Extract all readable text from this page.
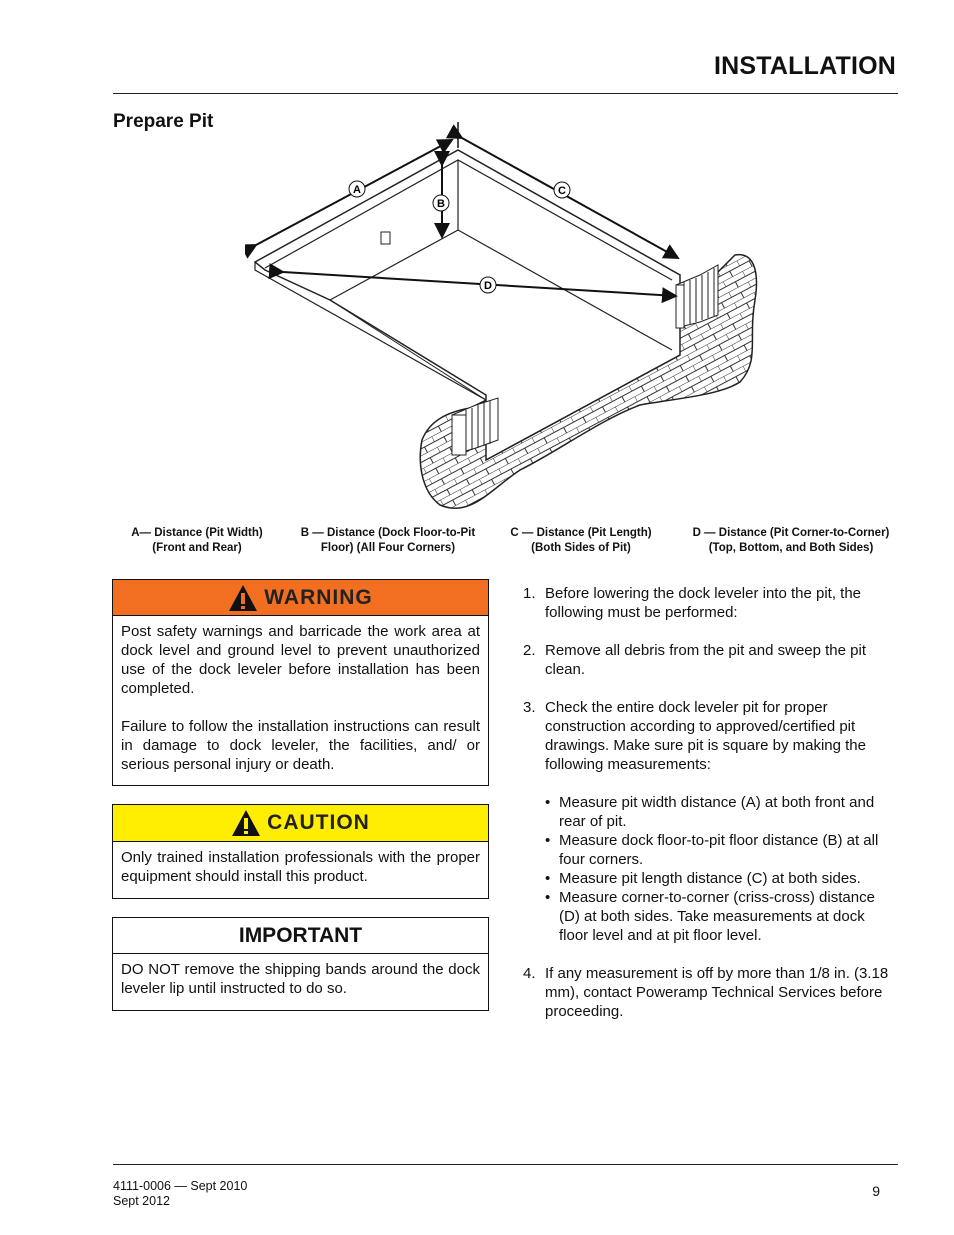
INSTALLATION
Prepare Pit
A
B
C
D
A— Distance (Pit Width)
(Front and Rear)
B — Distance (Dock Floor-to-Pit
Floor) (All Four Corners)
C — Distance (Pit Length)
(Both Sides of Pit)
D — Distance (Pit Corner-to-Corner)
(Top, Bottom, and Both Sides)
WARNING

Post safety warnings and barricade the work area at dock level and ground level to prevent unauthorized use of the dock leveler before installation has been completed.

Failure to follow the installation instructions can result in damage to dock leveler, the facilities, and/ or serious personal injury or death.

CAUTION

Only trained installation professionals with the proper equipment should install this product.

IMPORTANT

DO NOT remove the shipping bands around the dock leveler lip until instructed to do so.

1. Before lowering the dock leveler into the pit, the following must be performed:
2. Remove all debris from the pit and sweep the pit clean.
3. Check the entire dock leveler pit for proper construction according to approved/certified pit drawings. Make sure pit is square by making the following measurements:
• Measure pit width distance (A) at both front and rear of pit.
• Measure dock floor-to-pit floor distance (B) at all four corners.
• Measure pit length distance (C) at both sides.
• Measure corner-to-corner (criss-cross) distance (D) at both sides. Take measurements at dock floor level and at pit floor level.
4. If any measurement is off by more than 1/8 in. (3.18 mm), contact Poweramp Technical Services before proceeding.
4111-0006 — Sept 2010
Sept 2012
9
